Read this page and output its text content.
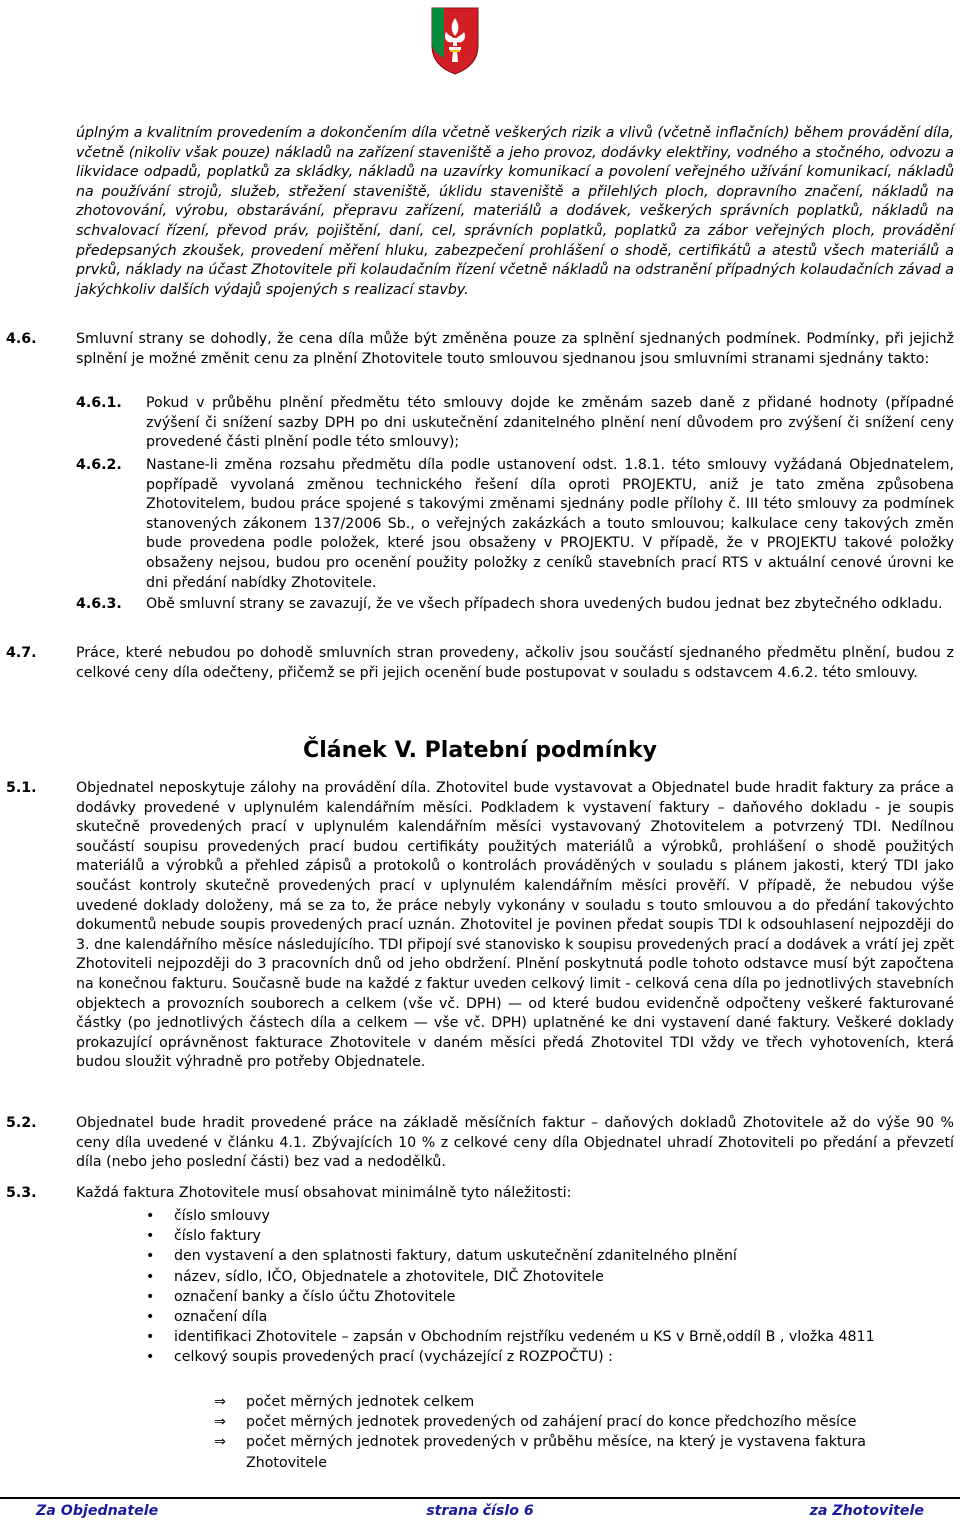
úplným a kvalitním provedením a dokončením díla včetně veškerých rizik a vlivů (včetně inflačních) během provádění díla, včetně (nikoliv však pouze) nákladů na zařízení staveniště a jeho provoz, dodávky elektřiny, vodného a stočného, odvozu a likvidace odpadů, poplatků za skládky, nákladů na uzavírky komunikací a povolení veřejného užívání komunikací, nákladů na používání strojů, služeb, střežení staveniště, úklidu staveniště a přilehlých ploch, dopravního značení, nákladů na zhotovování, výrobu, obstarávání, přepravu zařízení, materiálů a dodávek, veškerých správních poplatků, nákladů na schvalovací řízení, převod práv, pojištění, daní, cel, správních poplatků, poplatků za zábor veřejných ploch, provádění předepsaných zkoušek, provedení měření hluku, zabezpečení prohlášení o shodě, certifikátů a atestů všech materiálů a prvků, náklady na účast Zhotovitele při kolaudačním řízení včetně nákladů na odstranění případných kolaudačních závad a jakýchkoliv dalších výdajů spojených s realizací stavby.
4.6.	Smluvní strany se dohodly, že cena díla může být změněna pouze za splnění sjednaných podmínek. Podmínky, při jejichž splnění je možné změnit cenu za plnění Zhotovitele touto smlouvou sjednanou jsou smluvními stranami sjednány takto:
4.6.1. Pokud v průběhu plnění předmětu této smlouvy dojde ke změnám sazeb daně z přidané hodnoty (případné zvýšení či snížení sazby DPH po dni uskutečnění zdanitelného plnění není důvodem pro zvýšení či snížení ceny provedené části plnění podle této smlouvy);
4.6.2. Nastane-li změna rozsahu předmětu díla podle ustanovení odst. 1.8.1. této smlouvy vyžádaná Objednatelem, popřípadě vyvolaná změnou technického řešení díla oproti PROJEKTU, aniž je tato změna způsobena Zhotovitelem, budou práce spojené s takovými změnami sjednány podle přílohy č. III této smlouvy za podmínek stanovených zákonem 137/2006 Sb., o veřejných zakázkách a touto smlouvou; kalkulace ceny takových změn bude provedena podle položek, které jsou obsaženy v PROJEKTU. V případě, že v PROJEKTU takové položky obsaženy nejsou, budou pro ocenění použity položky z ceníků stavebních prací RTS v aktuální cenové úrovni ke dni předání nabídky Zhotovitele.
4.6.3. Obě smluvní strany se zavazují, že ve všech případech shora uvedených budou jednat bez zbytečného odkladu.
4.7.	Práce, které nebudou po dohodě smluvních stran provedeny, ačkoliv jsou součástí sjednaného předmětu plnění, budou z celkové ceny díla odečteny, přičemž se při jejich ocenění bude postupovat v souladu s odstavcem 4.6.2. této smlouvy.
Článek V. Platební podmínky
5.1.	Objednatel neposkytuje zálohy na provádění díla. Zhotovitel bude vystavovat a Objednatel bude hradit faktury za práce a dodávky provedené v uplynulém kalendářním měsíci. Podkladem k vystavení faktury – daňového dokladu - je soupis skutečně provedených prací v uplynulém kalendářním měsíci vystavovaný Zhotovitelem a potvrzený TDI. Nedílnou součástí soupisu provedených prací budou certifikáty použitých materiálů a výrobků, prohlášení o shodě použitých materiálů a výrobků a přehled zápisů a protokolů o kontrolách prováděných v souladu s plánem jakosti, který TDI jako součást kontroly skutečně provedených prací v uplynulém kalendářním měsíci prověří. V případě, že nebudou výše uvedené doklady doloženy, má se za to, že práce nebyly vykonány v souladu s touto smlouvou a do předání takovýchto dokumentů nebude soupis provedených prací uznán. Zhotovitel je povinen předat soupis TDI k odsouhlasení nejpozději do 3. dne kalendářního měsíce následujícího. TDI připojí své stanovisko k soupisu provedených prací a dodávek a vrátí jej zpět Zhotoviteli nejpozději do 3 pracovních dnů od jeho obdržení. Plnění poskytnutá podle tohoto odstavce musí být započtena na konečnou fakturu. Současně bude na každé z faktur uveden celkový limit - celková cena díla po jednotlivých stavebních objektech a provozních souborech a celkem (vše vč. DPH) — od které budou evidenčně odpočteny veškeré fakturované částky (po jednotlivých částech díla a celkem — vše vč. DPH) uplatněné ke dni vystavení dané faktury. Veškeré doklady prokazující oprávněnost fakturace Zhotovitele v daném měsíci předá Zhotovitel TDI vždy ve třech vyhotoveních, která budou sloužit výhradně pro potřeby Objednatele.
5.2.	Objednatel bude hradit provedené práce na základě měsíčních faktur – daňových dokladů Zhotovitele až do výše 90 % ceny díla uvedené v článku 4.1. Zbývajících 10 % z celkové ceny díla Objednatel uhradí Zhotoviteli po předání a převzetí díla (nebo jeho poslední části) bez vad a nedodělků.
5.3.	Každá faktura Zhotovitele musí obsahovat minimálně tyto náležitosti:
•	číslo smlouvy
•	číslo faktury
•	den vystavení a den splatnosti faktury, datum uskutečnění zdanitelného plnění
•	název, sídlo, IČO, Objednatele a zhotovitele, DIČ Zhotovitele
•	označení banky a číslo účtu Zhotovitele
•	označení díla
•	identifikaci Zhotovitele – zapsán v Obchodním rejstříku vedeném u KS v Brně,oddíl B , vložka 4811
•	celkový soupis provedených prací (vycházející z ROZPOČTU) :
⇒ počet měrných jednotek celkem
⇒ počet měrných jednotek provedených od zahájení prací do konce předchozího měsíce
⇒ počet měrných jednotek provedených v průběhu měsíce, na který je vystavena faktura Zhotovitele
Za Objednatele	strana číslo 6	za Zhotovitele
